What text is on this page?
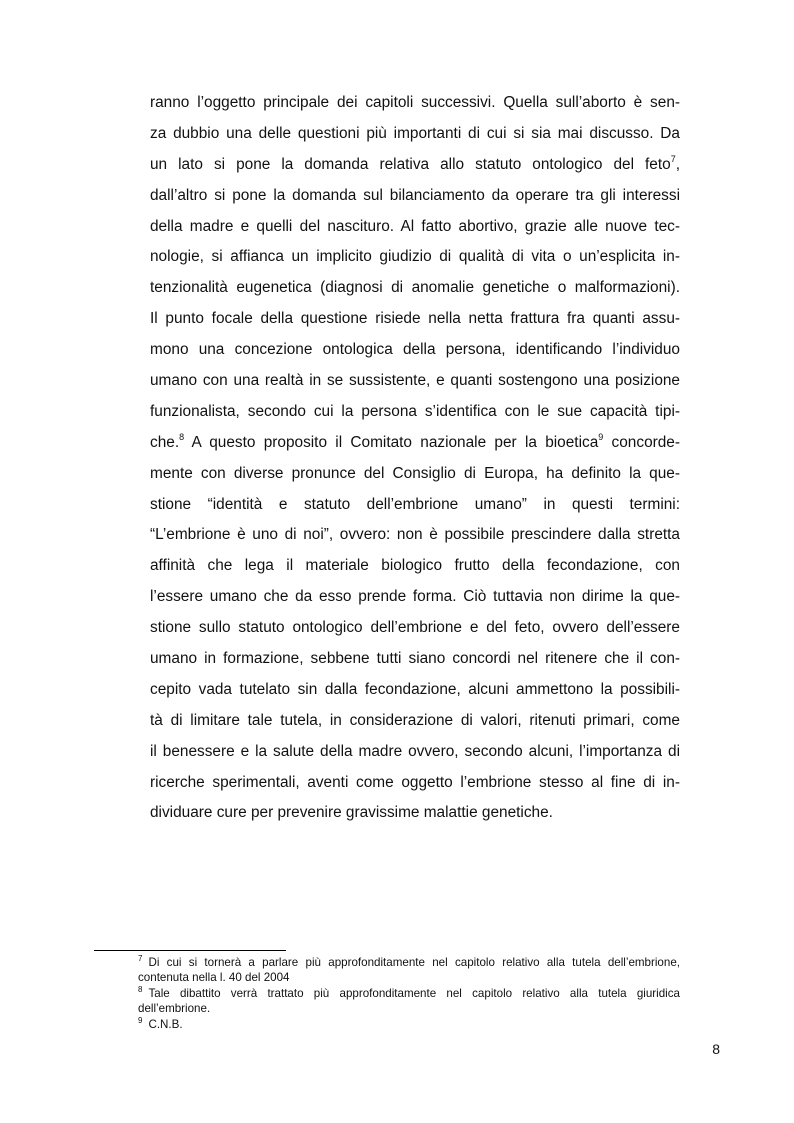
ranno l’oggetto principale dei capitoli successivi. Quella sull’aborto è sen-
za dubbio una delle questioni più importanti di cui si sia mai discusso. Da
un lato si pone la domanda relativa allo statuto ontologico del feto$^7$,
dall’altro si pone la domanda sul bilanciamento da operare tra gli interessi
della madre e quelli del nascituro. Al fatto abortivo, grazie alle nuove tec-
nologie, si affianca un implicito giudizio di qualità di vita o un’esplicita in-
tenzionalità eugenetica (diagnosi di anomalie genetiche o malformazioni).
Il punto focale della questione risiede nella netta frattura fra quanti assu-
mono una concezione ontologica della persona, identificando l’individuo
umano con una realtà in se sussistente, e quanti sostengono una posizione
funzionalista, secondo cui la persona s’identifica con le sue capacità tipi-
che.$^8$ A questo proposito il Comitato nazionale per la bioetica$^9$ concorde-
mente con diverse pronunce del Consiglio di Europa, ha definito la que-
stione “identità e statuto dell’embrione umano” in questi termini:
“L’embrione è uno di noi”, ovvero: non è possibile prescindere dalla stretta
affinità che lega il materiale biologico frutto della fecondazione, con
l’essere umano che da esso prende forma. Ciò tuttavia non dirime la que-
stione sullo statuto ontologico dell’embrione e del feto, ovvero dell’essere
umano in formazione, sebbene tutti siano concordi nel ritenere che il con-
cepito vada tutelato sin dalla fecondazione, alcuni ammettono la possibili-
tà di limitare tale tutela, in considerazione di valori, ritenuti primari, come
il benessere e la salute della madre ovvero, secondo alcuni, l’importanza di
ricerche sperimentali, aventi come oggetto l’embrione stesso al fine di in-
dividuare cure per prevenire gravissime malattie genetiche.
$^7$ Di cui si tornerà a parlare più approfonditamente nel capitolo relativo alla tutela dell’embrione,
contenuta nella l. 40 del 2004
$^8$ Tale dibattito verrà trattato più approfonditamente nel capitolo relativo alla tutela giuridica
dell’embrione.
$^9$ C.N.B.
8
